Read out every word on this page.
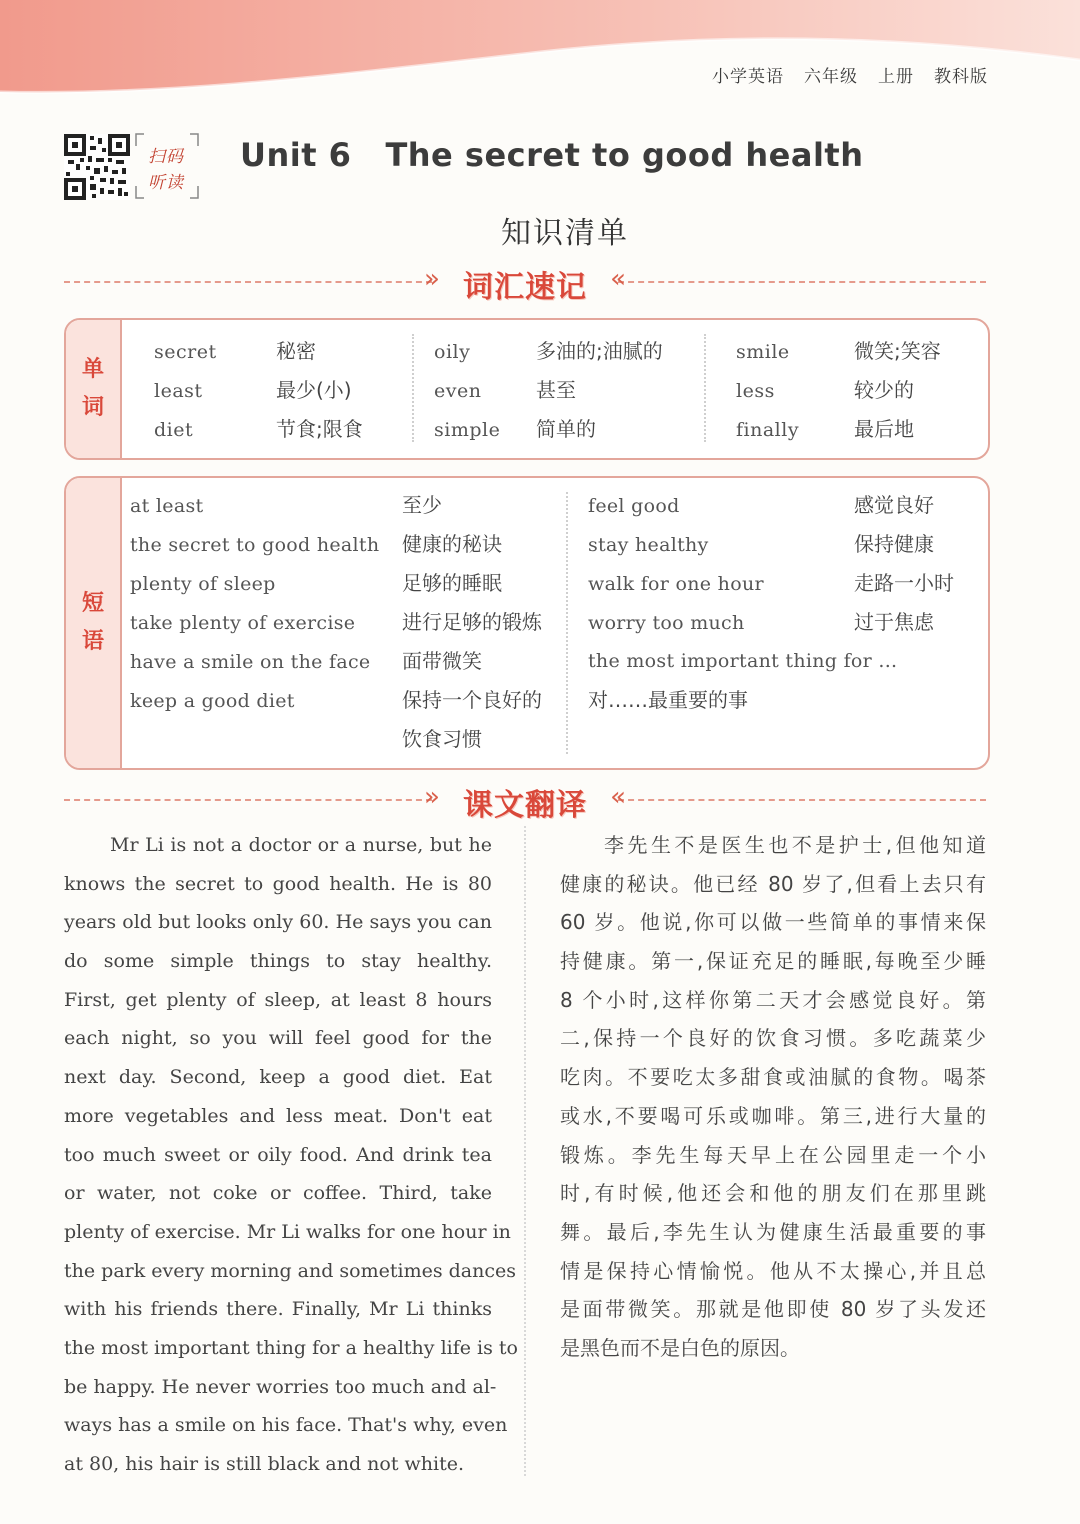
小学英语 六年级 上册 教科版
扫码
听读
Unit 6 The secret to good health
知识清单
»	«
词汇速记
单
词
secret	秘密
least	最少(小)
diet	节食;限食
oily	多油的;油腻的
even	甚至
simple 简单的
smile	微笑;笑容
less	较少的
finally	最后地
短
语
at least	至少
the secret to good health 健康的秘诀
plenty of sleep	足够的睡眠
take plenty of exercise 进行足够的锻炼
have a smile on the face 面带微笑
keep a good diet	保持一个良好的
饮食习惯
feel good	感觉良好
stay healthy	保持健康
walk for one hour	走路一小时
worry too much	过于焦虑
the most important thing for ...
对……最重要的事
»	«
课文翻译
Mr Li is not a doctor or a nurse, but he
knows the secret to good health. He is 80
years old but looks only 60. He says you can
do some simple things to stay healthy.
First, get plenty of sleep, at least 8 hours
each night, so you will feel good for the
next day. Second, keep a good diet. Eat
more vegetables and less meat. Don't eat
too much sweet or oily food. And drink tea
or water, not coke or coffee. Third, take
plenty of exercise. Mr Li walks for one hour in
the park every morning and sometimes dances
with his friends there. Finally, Mr Li thinks
the most important thing for a healthy life is to
be happy. He never worries too much and al-
ways has a smile on his face. That's why, even
at 80, his hair is still black and not white.
李先生不是医生也不是护士,但他知道
健康的秘诀。他已经 80 岁了,但看上去只有
60 岁。他说,你可以做一些简单的事情来保
持健康。第一,保证充足的睡眠,每晚至少睡
8 个小时,这样你第二天才会感觉良好。第
二,保持一个良好的饮食习惯。多吃蔬菜少
吃肉。不要吃太多甜食或油腻的食物。喝茶
或水,不要喝可乐或咖啡。第三,进行大量的
锻炼。李先生每天早上在公园里走一个小
时,有时候,他还会和他的朋友们在那里跳
舞。最后,李先生认为健康生活最重要的事
情是保持心情愉悦。他从不太操心,并且总
是面带微笑。那就是他即使 80 岁了头发还
是黑色而不是白色的原因。
